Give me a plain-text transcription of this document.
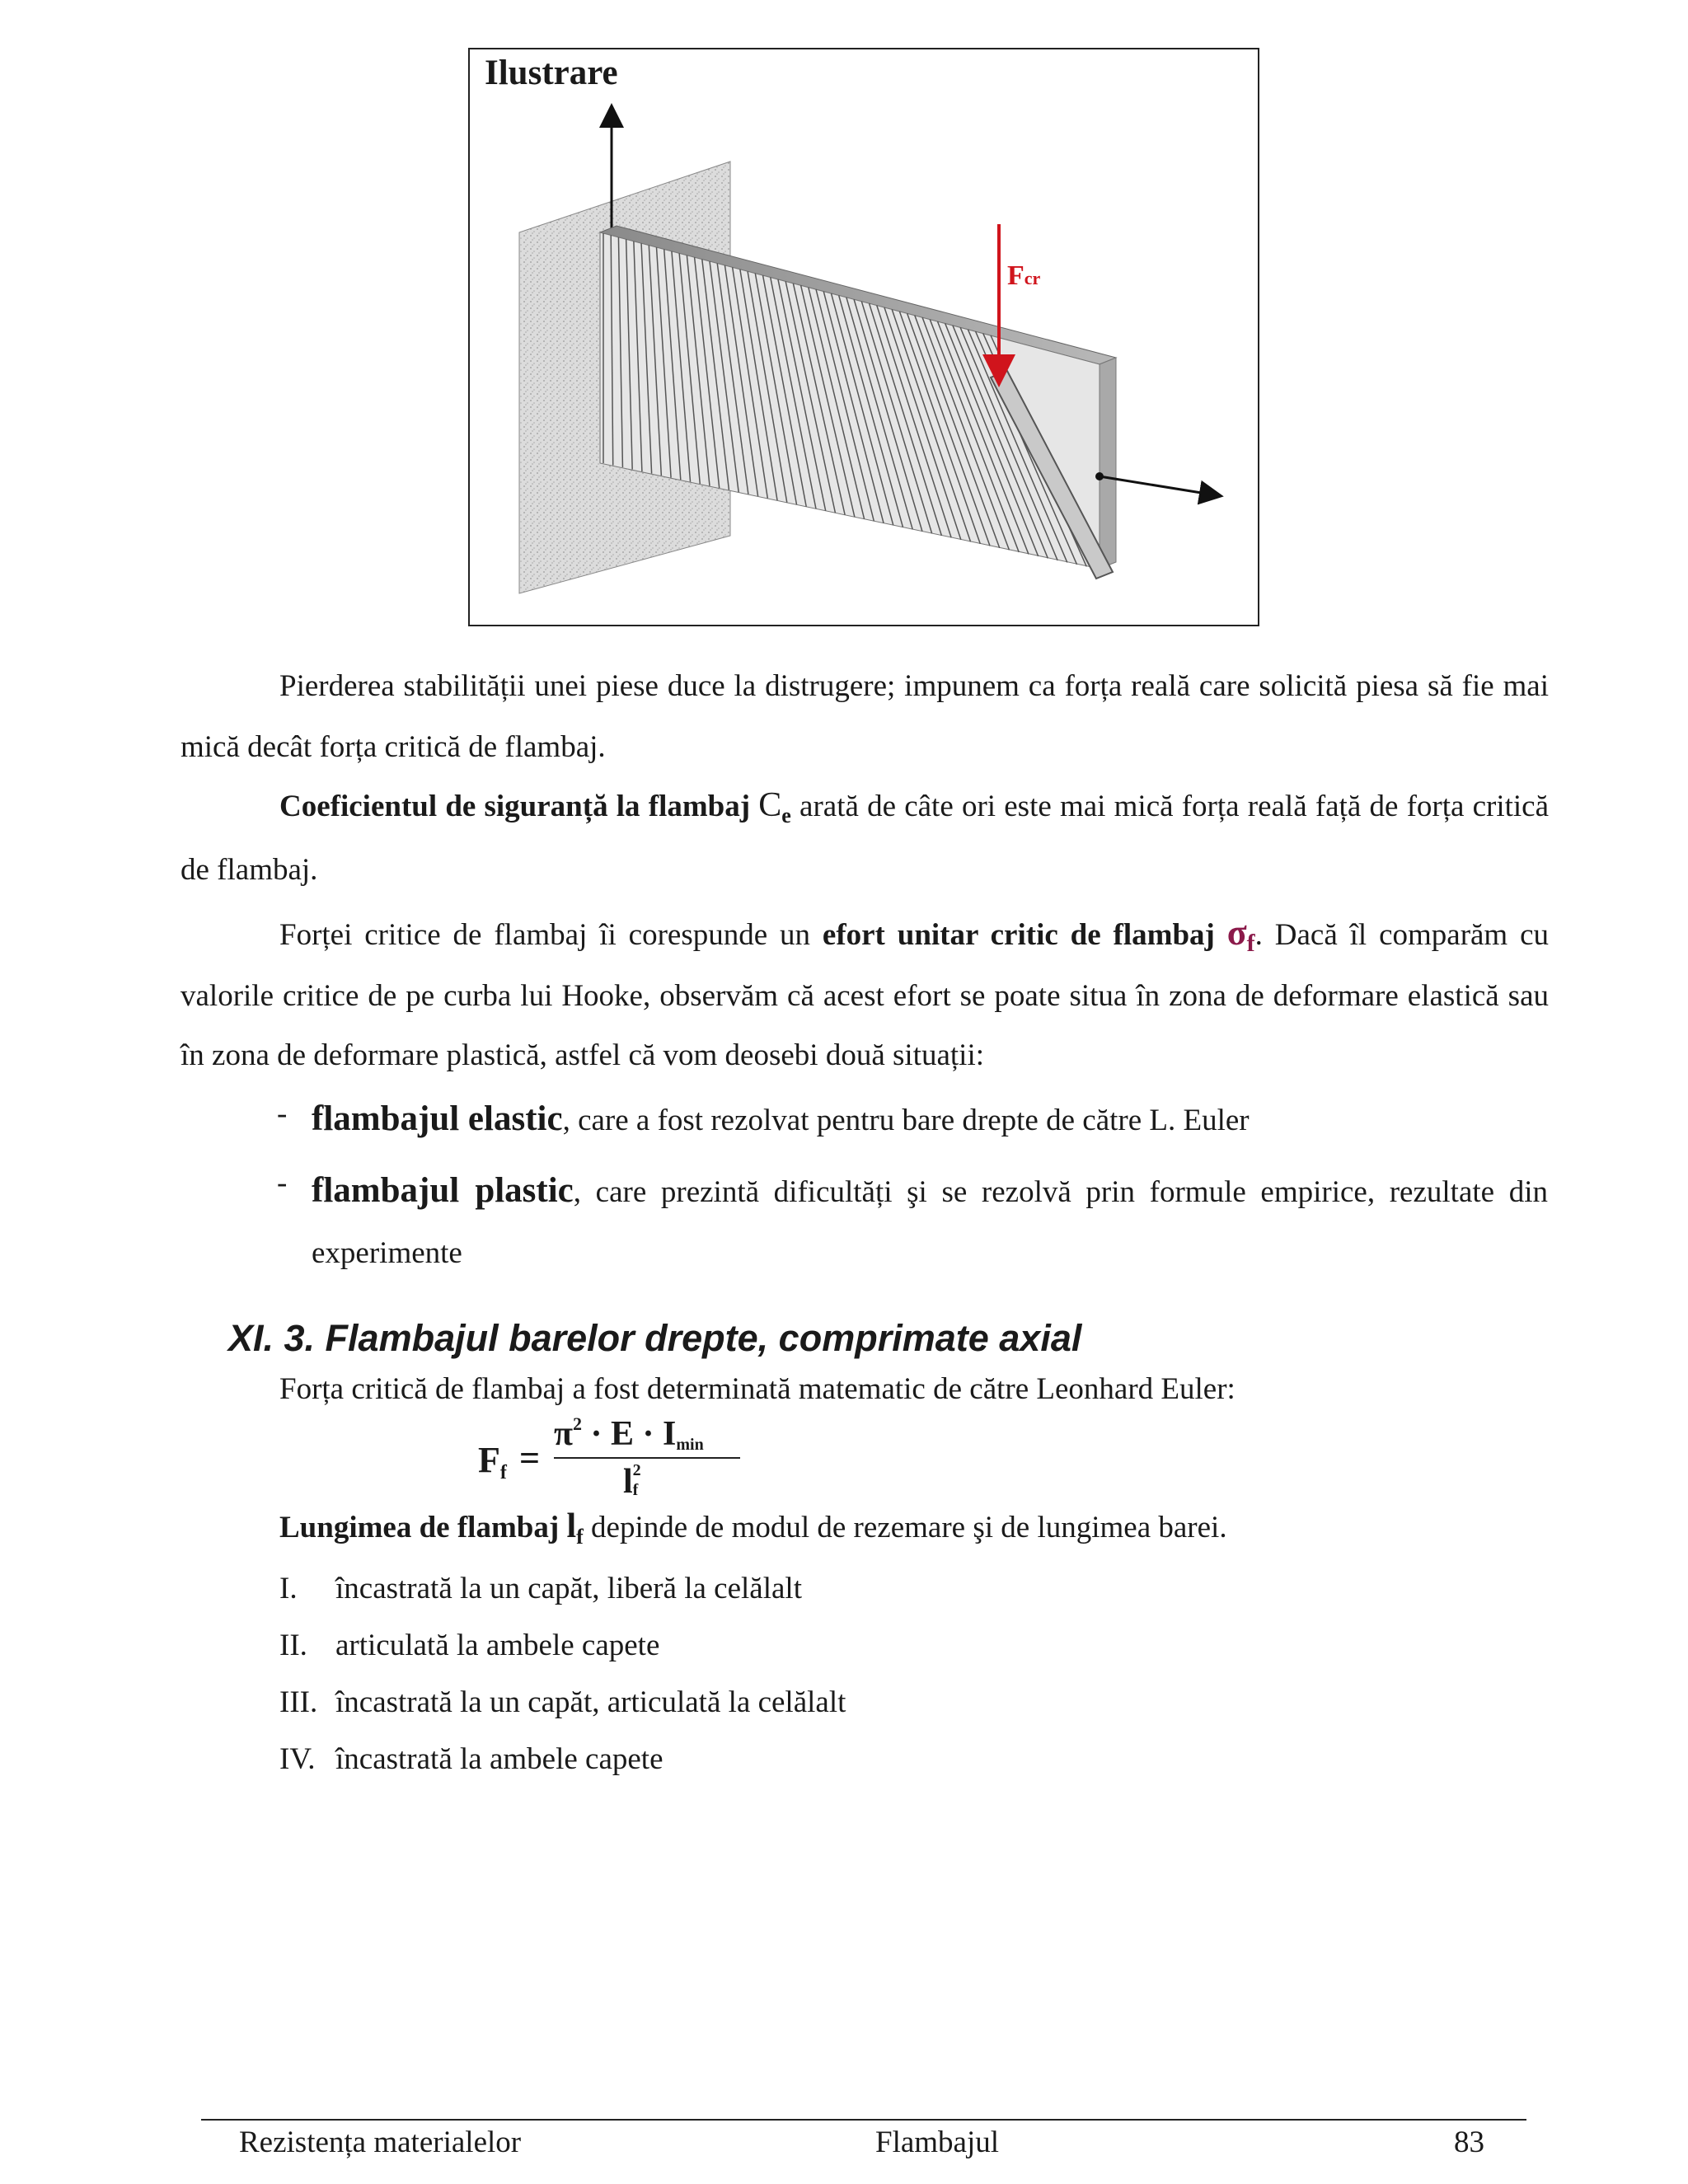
Ilustrare
Fcr
Pierderea stabilității unei piese duce la distrugere; impunem ca forța reală care solicită piesa să fie mai mică decât forța critică de flambaj.
Coeficientul de siguranță la flambaj $C_e$ arată de câte ori este mai mică forța reală față de forța critică de flambaj.
Forței critice de flambaj îi corespunde un efort unitar critic de flambaj $\sigma_f$. Dacă îl comparăm cu valorile critice de pe curba lui Hooke, observăm că acest efort se poate situa în zona de deformare elastică sau în zona de deformare plastică, astfel că vom deosebi două situații:
- flambajul elastic, care a fost rezolvat pentru bare drepte de către L. Euler
- flambajul plastic, care prezintă dificultăți şi se rezolvă prin formule empirice, rezultate din experimente
XI. 3. Flambajul barelor drepte, comprimate axial
Forța critică de flambaj a fost determinată matematic de către Leonhard Euler:
Ff =
$\pi^2 \cdot E \cdot Imin$
l 2
f
Lungimea de flambaj $l_f$ depinde de modul de rezemare şi de lungimea barei.
I. încastrată la un capăt, liberă la celălalt
II. articulată la ambele capete
III. încastrată la un capăt, articulată la celălalt
IV. încastrată la ambele capete
Rezistența materialelor	Flambajul	83
